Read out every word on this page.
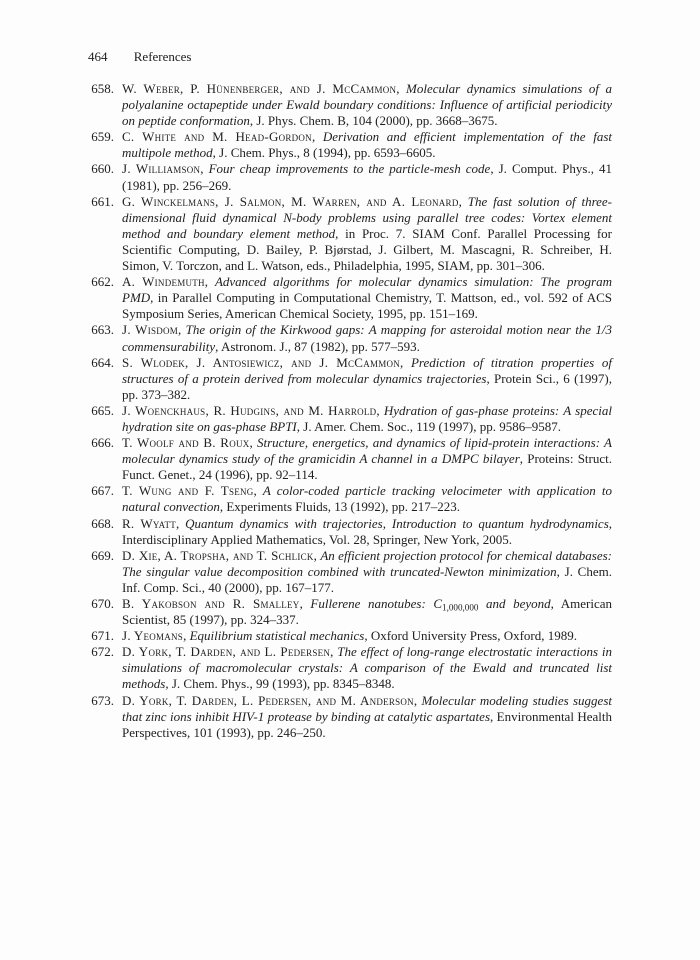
464 References
658. W. Weber, P. Hünenberger, and J. McCammon, Molecular dynamics simulations of a polyalanine octapeptide under Ewald boundary conditions: Influence of artificial periodicity on peptide conformation, J. Phys. Chem. B, 104 (2000), pp. 3668–3675.
659. C. White and M. Head-Gordon, Derivation and efficient implementation of the fast multipole method, J. Chem. Phys., 8 (1994), pp. 6593–6605.
660. J. Williamson, Four cheap improvements to the particle-mesh code, J. Comput. Phys., 41 (1981), pp. 256–269.
661. G. Winckelmans, J. Salmon, M. Warren, and A. Leonard, The fast solution of three-dimensional fluid dynamical N-body problems using parallel tree codes: Vortex element method and boundary element method, in Proc. 7. SIAM Conf. Parallel Processing for Scientific Computing, D. Bailey, P. Bjørstad, J. Gilbert, M. Mascagni, R. Schreiber, H. Simon, V. Torczon, and L. Watson, eds., Philadelphia, 1995, SIAM, pp. 301–306.
662. A. Windemuth, Advanced algorithms for molecular dynamics simulation: The program PMD, in Parallel Computing in Computational Chemistry, T. Mattson, ed., vol. 592 of ACS Symposium Series, American Chemical Society, 1995, pp. 151–169.
663. J. Wisdom, The origin of the Kirkwood gaps: A mapping for asteroidal motion near the 1/3 commensurability, Astronom. J., 87 (1982), pp. 577–593.
664. S. Wlodek, J. Antosiewicz, and J. McCammon, Prediction of titration properties of structures of a protein derived from molecular dynamics trajectories, Protein Sci., 6 (1997), pp. 373–382.
665. J. Woenckhaus, R. Hudgins, and M. Harrold, Hydration of gas-phase proteins: A special hydration site on gas-phase BPTI, J. Amer. Chem. Soc., 119 (1997), pp. 9586–9587.
666. T. Woolf and B. Roux, Structure, energetics, and dynamics of lipid-protein interactions: A molecular dynamics study of the gramicidin A channel in a DMPC bilayer, Proteins: Struct. Funct. Genet., 24 (1996), pp. 92–114.
667. T. Wung and F. Tseng, A color-coded particle tracking velocimeter with application to natural convection, Experiments Fluids, 13 (1992), pp. 217–223.
668. R. Wyatt, Quantum dynamics with trajectories, Introduction to quantum hydrodynamics, Interdisciplinary Applied Mathematics, Vol. 28, Springer, New York, 2005.
669. D. Xie, A. Tropsha, and T. Schlick, An efficient projection protocol for chemical databases: The singular value decomposition combined with truncated-Newton minimization, J. Chem. Inf. Comp. Sci., 40 (2000), pp. 167–177.
670. B. Yakobson and R. Smalley, Fullerene nanotubes: $C_{1,000,000}$ and beyond, American Scientist, 85 (1997), pp. 324–337.
671. J. Yeomans, Equilibrium statistical mechanics, Oxford University Press, Oxford, 1989.
672. D. York, T. Darden, and L. Pedersen, The effect of long-range electrostatic interactions in simulations of macromolecular crystals: A comparison of the Ewald and truncated list methods, J. Chem. Phys., 99 (1993), pp. 8345–8348.
673. D. York, T. Darden, L. Pedersen, and M. Anderson, Molecular modeling studies suggest that zinc ions inhibit HIV-1 protease by binding at catalytic aspartates, Environmental Health Perspectives, 101 (1993), pp. 246–250.
